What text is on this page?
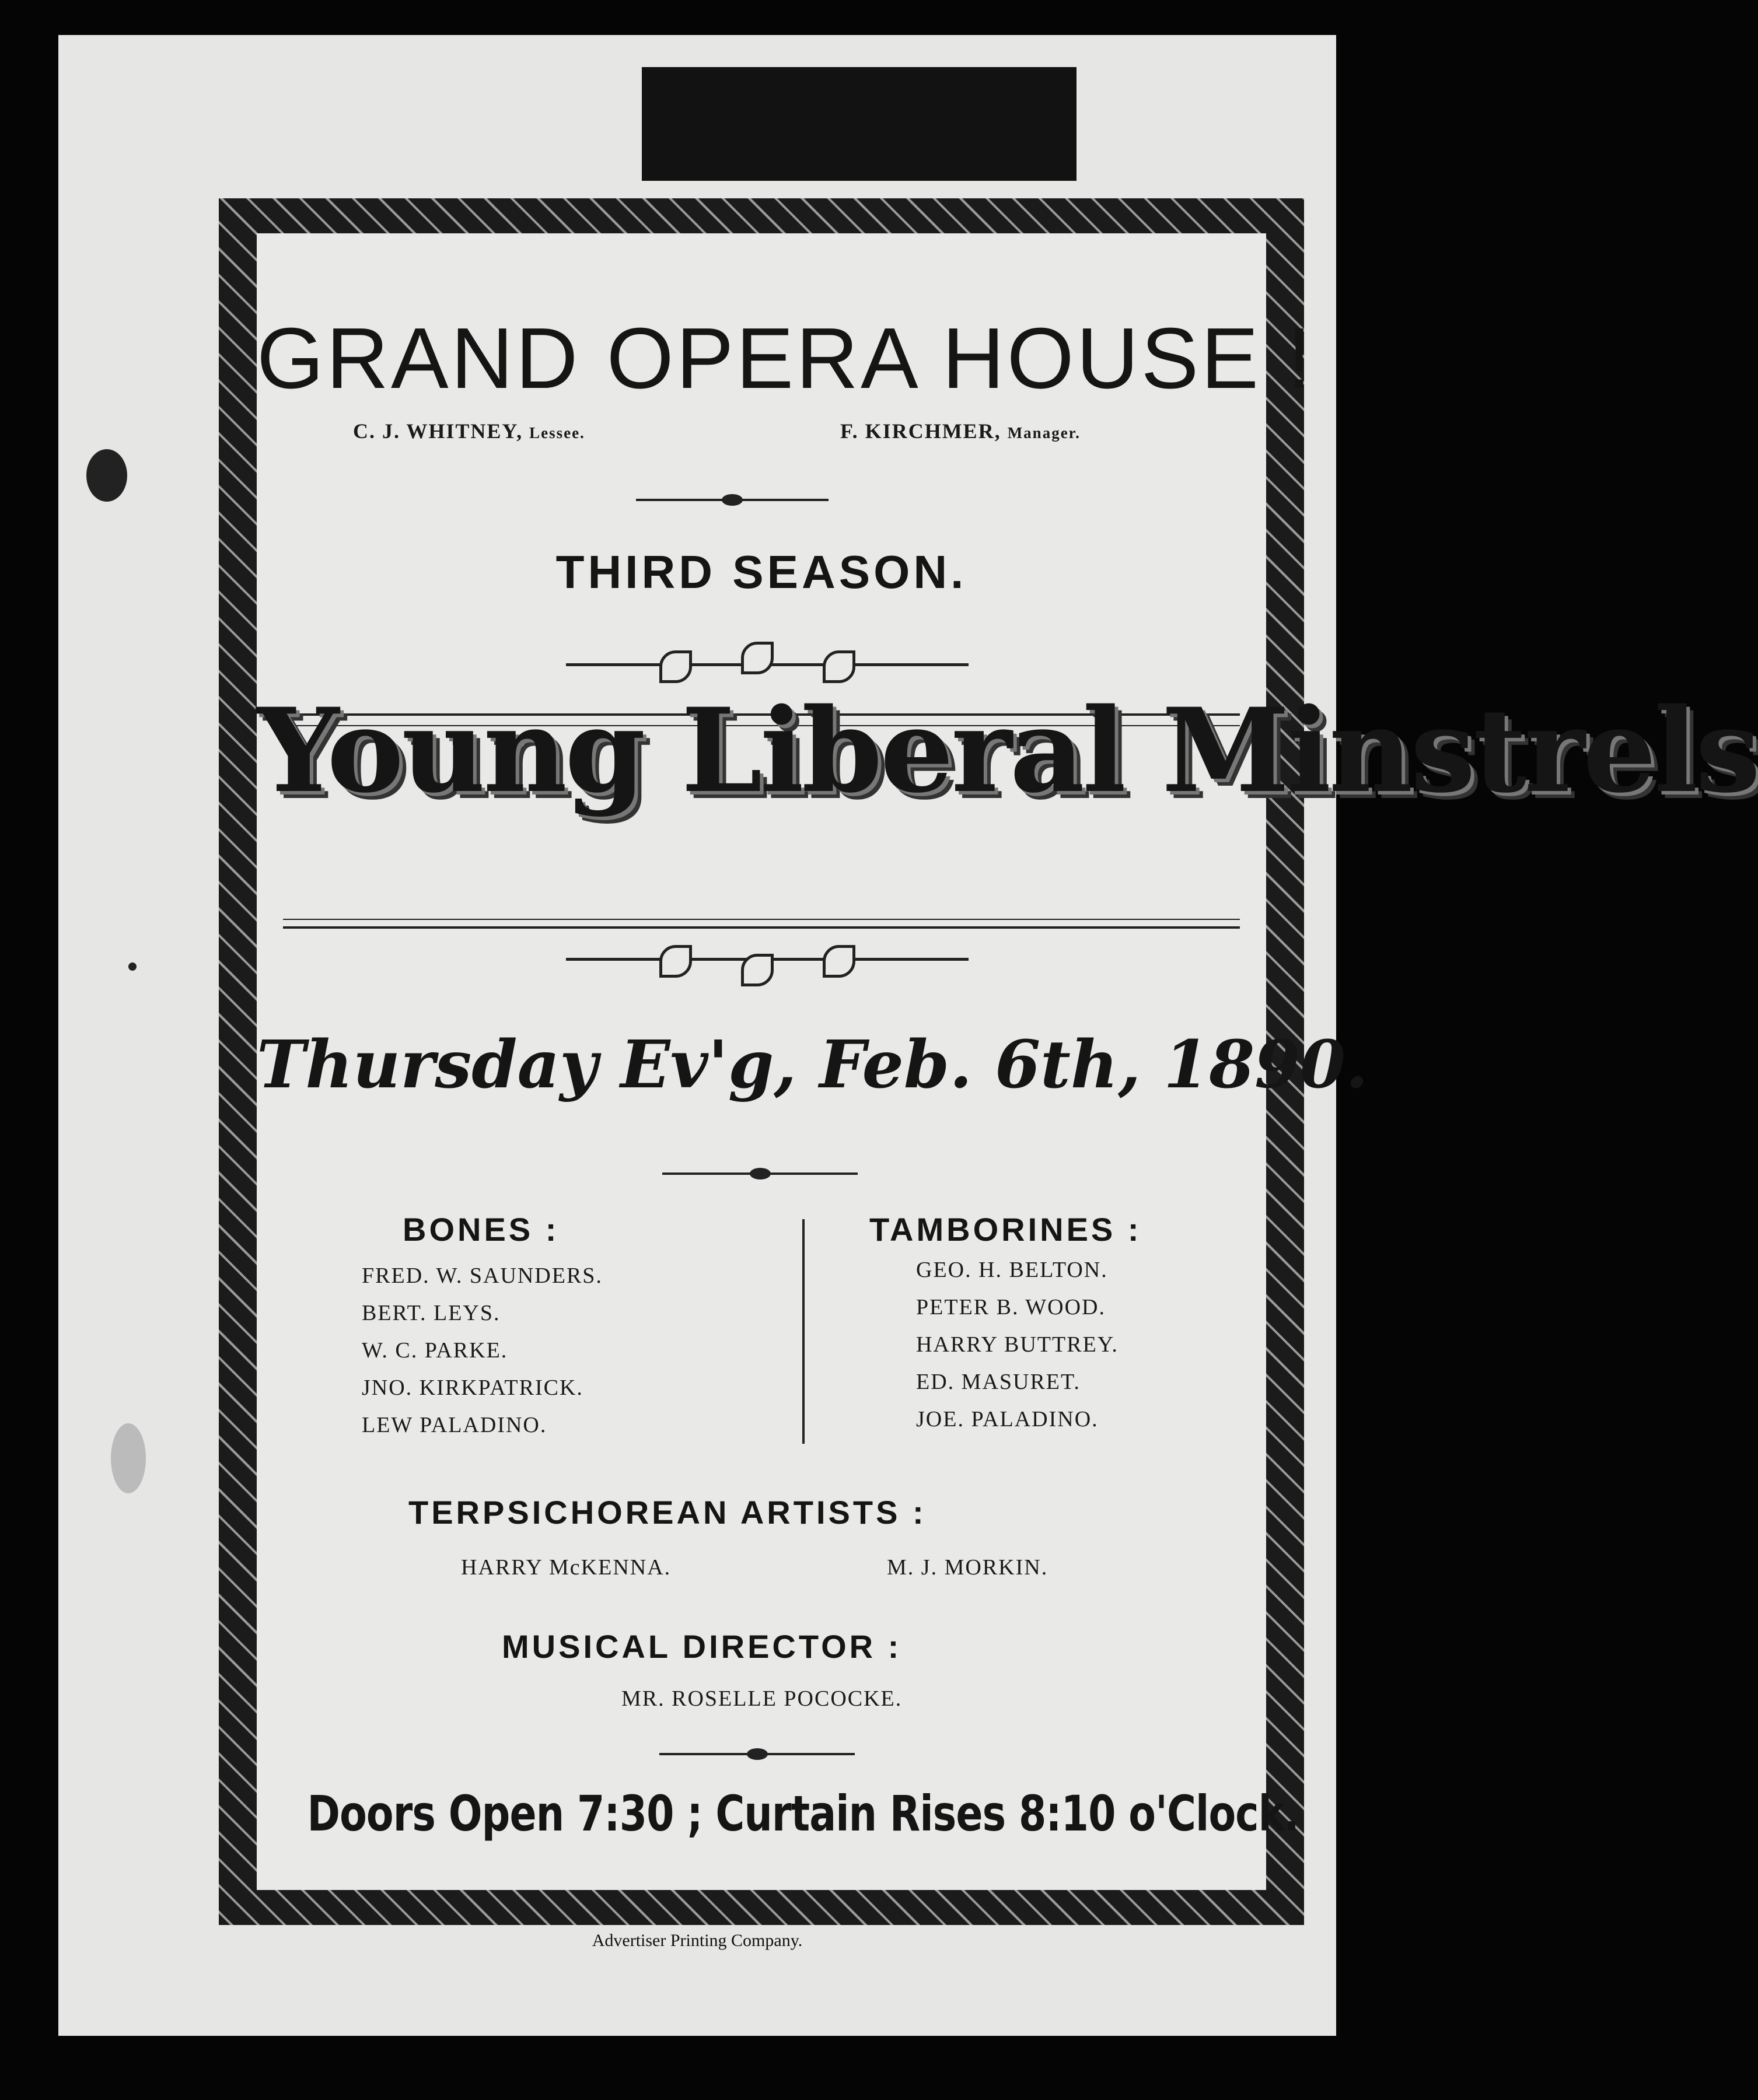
GRAND OPERA HOUSE !
C. J. WHITNEY, Lessee.	F. KIRCHMER, Manager.
THIRD SEASON.
Young Liberal Minstrels
Thursday Ev'g, Feb. 6th, 1890.
BONES :
FRED. W. SAUNDERS.
BERT. LEYS.
W. C. PARKE.
JNO. KIRKPATRICK.
LEW PALADINO.
TAMBORINES :
GEO. H. BELTON.
PETER B. WOOD.
HARRY BUTTREY.
ED. MASURET.
JOE. PALADINO.
TERPSICHOREAN ARTISTS :
HARRY McKENNA.	M. J. MORKIN.
MUSICAL DIRECTOR :
MR. ROSELLE POCOCKE.
Doors Open 7:30 ; Curtain Rises 8:10 o'Clock.
Advertiser Printing Company.
